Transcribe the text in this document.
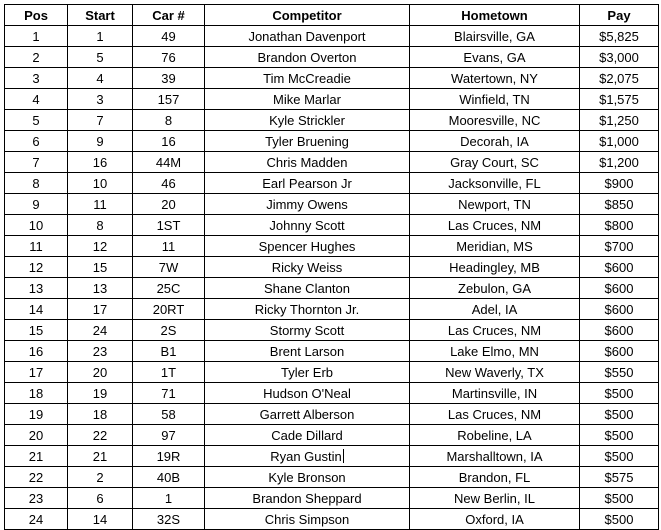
Pos	Start	Car #	Competitor	Hometown	Pay
1	1	49	Jonathan Davenport	Blairsville, GA	$5,825
2	5	76	Brandon Overton	Evans, GA	$3,000
3	4	39	Tim McCreadie	Watertown, NY	$2,075
4	3	157	Mike Marlar	Winfield, TN	$1,575
5	7	8	Kyle Strickler	Mooresville, NC	$1,250
6	9	16	Tyler Bruening	Decorah, IA	$1,000
7	16	44M	Chris Madden	Gray Court, SC	$1,200
8	10	46	Earl Pearson Jr	Jacksonville, FL	$900
9	11	20	Jimmy Owens	Newport, TN	$850
10	8	1ST	Johnny Scott	Las Cruces, NM	$800
11	12	11	Spencer Hughes	Meridian, MS	$700
12	15	7W	Ricky Weiss	Headingley, MB	$600
13	13	25C	Shane Clanton	Zebulon, GA	$600
14	17	20RT	Ricky Thornton Jr.	Adel, IA	$600
15	24	2S	Stormy Scott	Las Cruces, NM	$600
16	23	B1	Brent Larson	Lake Elmo, MN	$600
17	20	1T	Tyler Erb	New Waverly, TX	$550
18	19	71	Hudson O'Neal	Martinsville, IN	$500
19	18	58	Garrett Alberson	Las Cruces, NM	$500
20	22	97	Cade Dillard	Robeline, LA	$500
21	21	19R	Ryan Gustin	Marshalltown, IA	$500
22	2	40B	Kyle Bronson	Brandon, FL	$575
23	6	1	Brandon Sheppard	New Berlin, IL	$500
24	14	32S	Chris Simpson	Oxford, IA	$500
